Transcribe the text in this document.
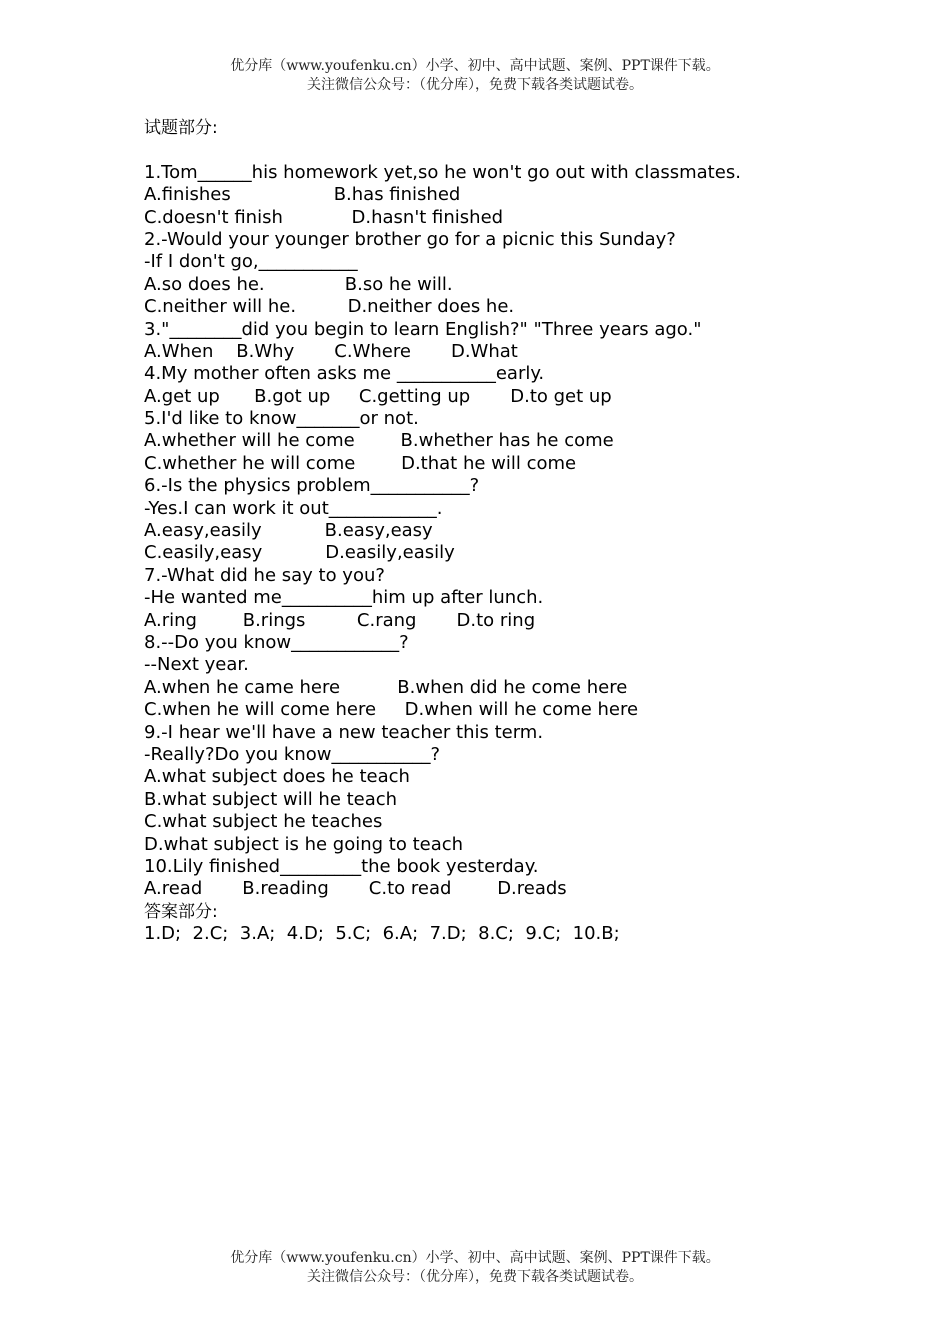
优分库（www.youfenku.cn）小学、初中、高中试题、案例、PPT课件下载。
关注微信公众号：（优分库），免费下载各类试题试卷。
试题部分:
1.Tom______his homework yet,so he won't go out with classmates.
A.finishes                  B.has finished
C.doesn't finish            D.hasn't finished
2.-Would your younger brother go for a picnic this Sunday?
-If I don't go,___________
A.so does he.              B.so he will.
C.neither will he.         D.neither does he.
3."________did you begin to learn English?" "Three years ago."
A.When    B.Why       C.Where       D.What
4.My mother often asks me ___________early.
A.get up      B.got up     C.getting up       D.to get up
5.I'd like to know_______or not.
A.whether will he come        B.whether has he come
C.whether he will come        D.that he will come
6.-Is the physics problem___________?
-Yes.I can work it out____________.
A.easy,easily           B.easy,easy
C.easily,easy           D.easily,easily
7.-What did he say to you?
-He wanted me__________him up after lunch.
A.ring        B.rings         C.rang       D.to ring
8.--Do you know____________?
--Next year.
A.when he came here          B.when did he come here
C.when he will come here     D.when will he come here
9.-I hear we'll have a new teacher this term.
-Really?Do you know___________?
A.what subject does he teach
B.what subject will he teach
C.what subject he teaches
D.what subject is he going to teach
10.Lily finished_________the book yesterday.
A.read       B.reading       C.to read        D.reads
答案部分:
1.D;  2.C;  3.A;  4.D;  5.C;  6.A;  7.D;  8.C;  9.C;  10.B;
优分库（www.youfenku.cn）小学、初中、高中试题、案例、PPT课件下载。
关注微信公众号：（优分库），免费下载各类试题试卷。
